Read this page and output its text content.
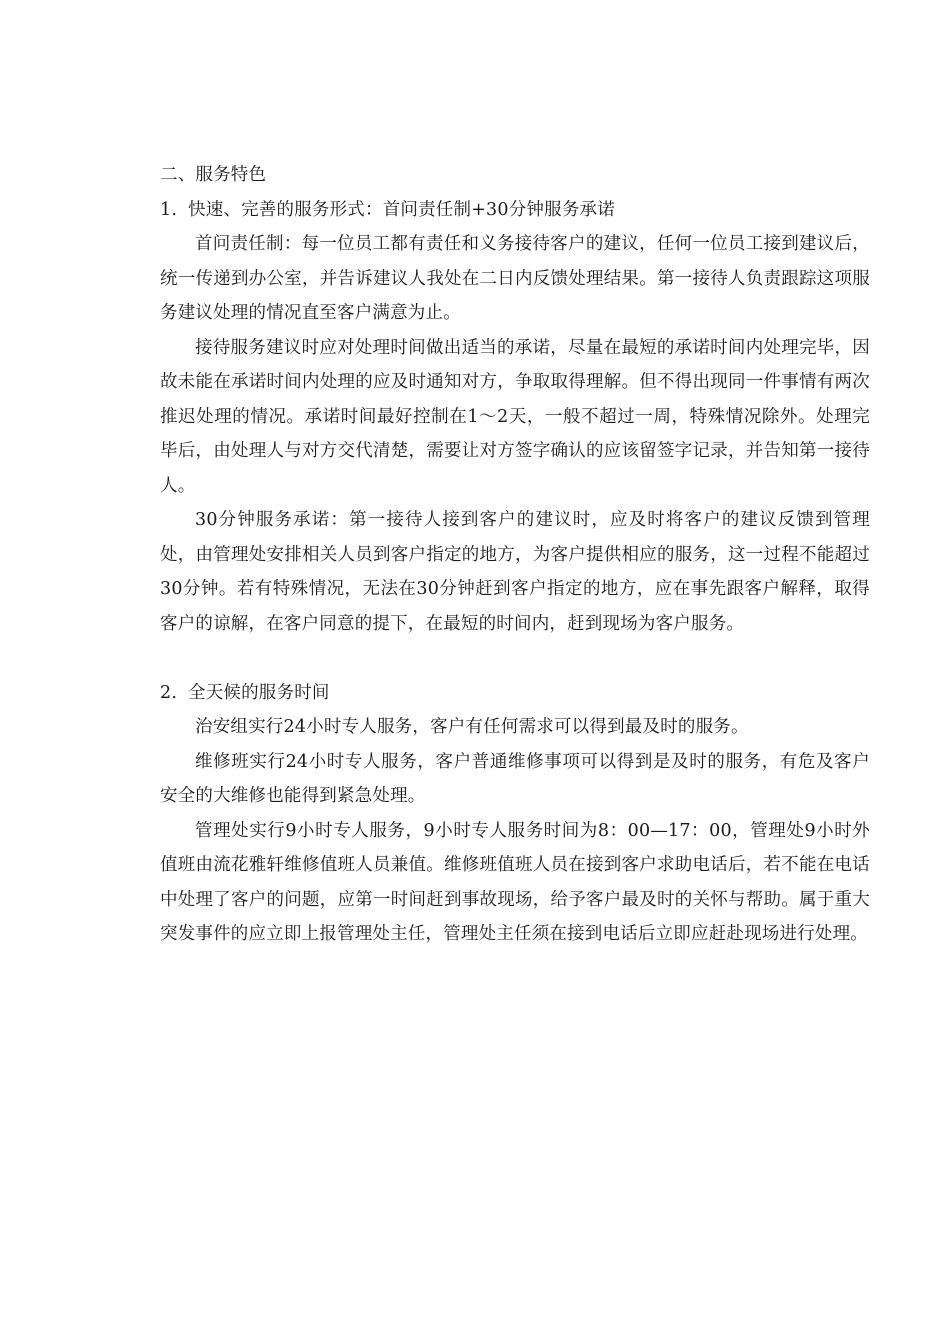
二、服务特色

1. 快速、完善的服务形式：首问责任制+30分钟服务承诺

首问责任制：每一位员工都有责任和义务接待客户的建议，任何一位员工接到建议后，统一传递到办公室，并告诉建议人我处在二日内反馈处理结果。第一接待人负责跟踪这项服务建议处理的情况直至客户满意为止。

接待服务建议时应对处理时间做出适当的承诺，尽量在最短的承诺时间内处理完毕，因故未能在承诺时间内处理的应及时通知对方，争取取得理解。但不得出现同一件事情有两次推迟处理的情况。承诺时间最好控制在1～2天，一般不超过一周，特殊情况除外。处理完毕后，由处理人与对方交代清楚，需要让对方签字确认的应该留签字记录，并告知第一接待人。

30分钟服务承诺：第一接待人接到客户的建议时，应及时将客户的建议反馈到管理处，由管理处安排相关人员到客户指定的地方，为客户提供相应的服务，这一过程不能超过30分钟。若有特殊情况，无法在30分钟赶到客户指定的地方，应在事先跟客户解释，取得客户的谅解，在客户同意的提下，在最短的时间内，赶到现场为客户服务。

2. 全天候的服务时间

治安组实行24小时专人服务，客户有任何需求可以得到最及时的服务。

维修班实行24小时专人服务，客户普通维修事项可以得到是及时的服务，有危及客户安全的大维修也能得到紧急处理。

管理处实行9小时专人服务，9小时专人服务时间为8：00—17：00，管理处9小时外值班由流花雅轩维修值班人员兼值。维修班值班人员在接到客户求助电话后，若不能在电话中处理了客户的问题，应第一时间赶到事故现场，给予客户最及时的关怀与帮助。属于重大突发事件的应立即上报管理处主任，管理处主任须在接到电话后立即应赶赴现场进行处理。
